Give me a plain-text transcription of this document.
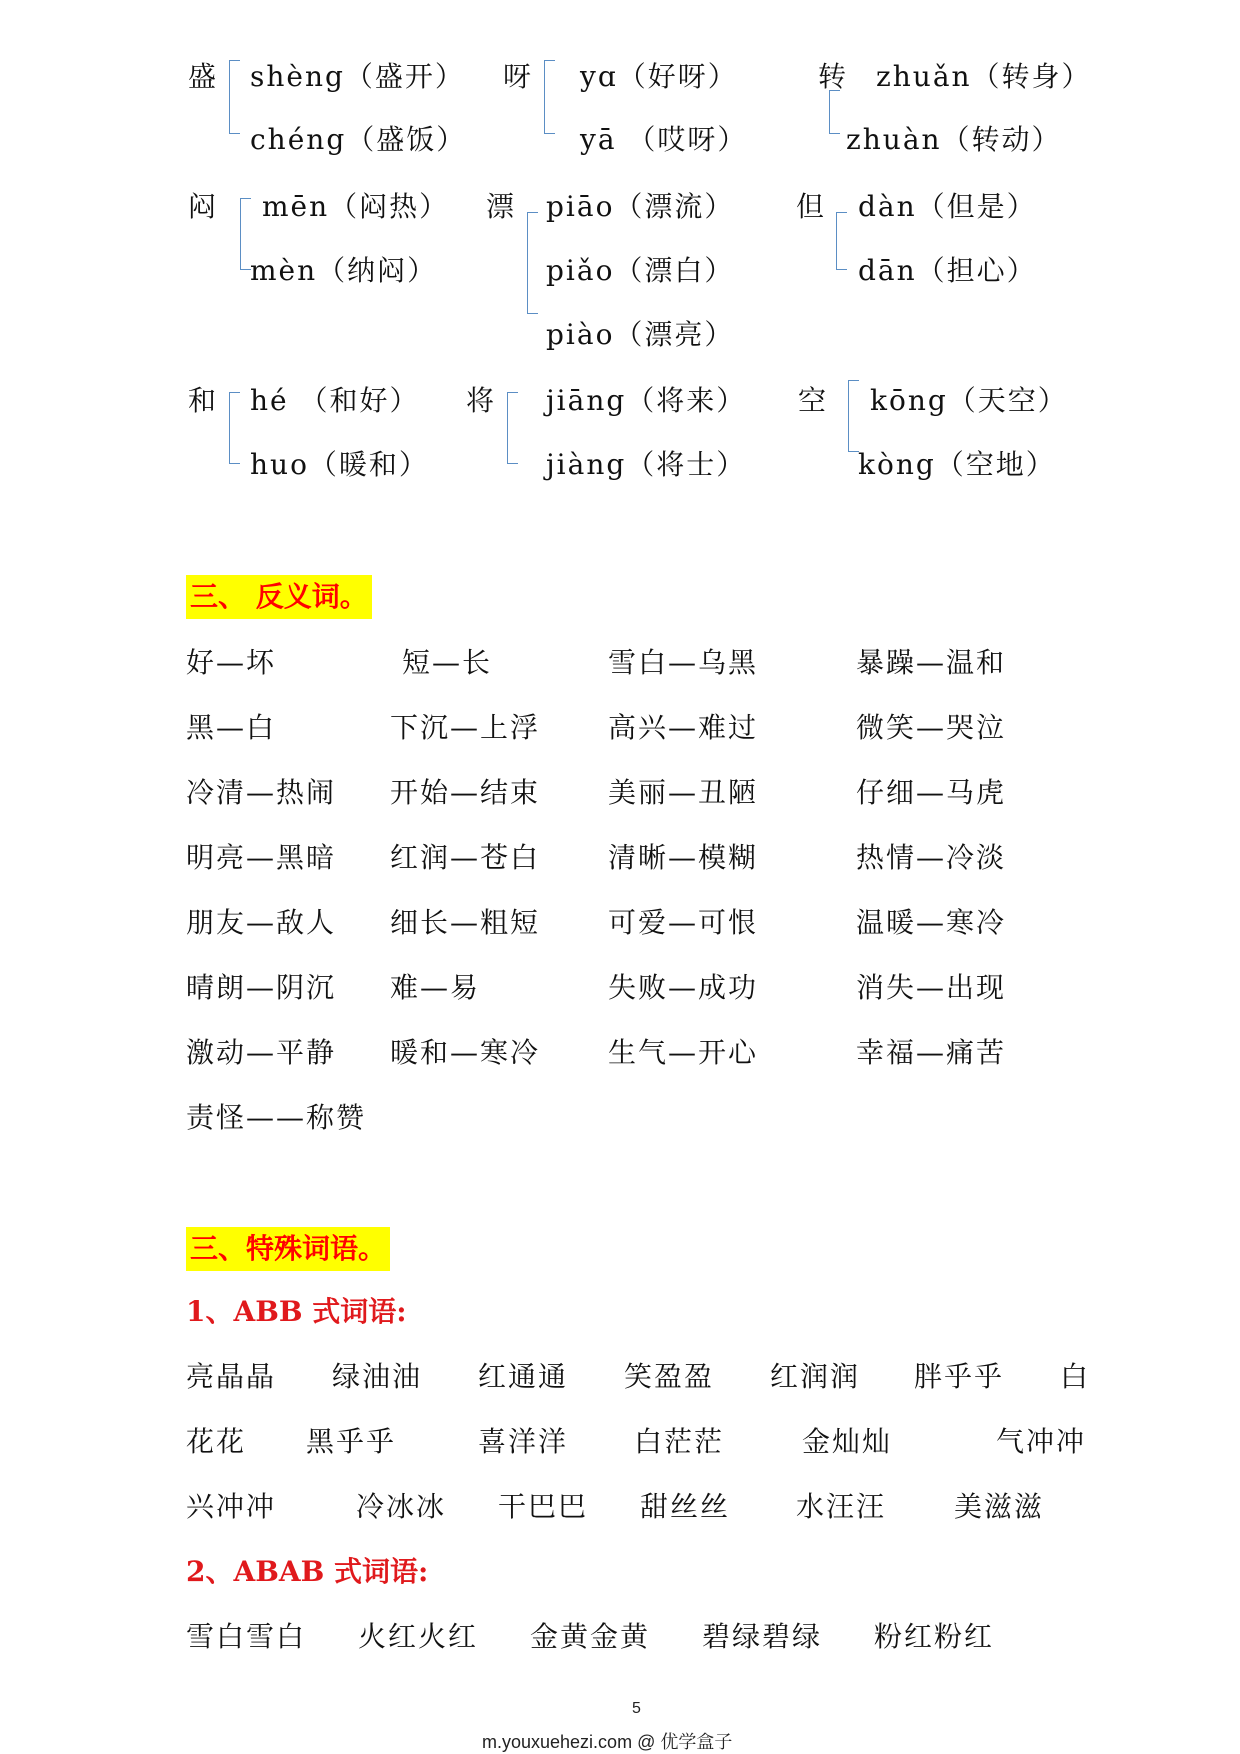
盛 shèng（盛开）
chéng（盛饭）
呀 yɑ（好呀）
yā （哎呀）
转 zhuǎn（转身）
zhuàn（转动）
闷 mēn（闷热）
mèn（纳闷）
漂 piāo（漂流）
piǎo（漂白）
piào（漂亮）
但 dàn（但是）
dān（担心）
和 hé （和好）
huo（暖和）
将 jiāng（将来）
jiàng（将士）
空 kōng（天空）
kòng（空地）
三、 反义词。
好—坏	短—长	雪白—乌黑	暴躁—温和
黑—白	下沉—上浮 高兴—难过	微笑—哭泣
冷清—热闹 开始—结束 美丽—丑陋	仔细—马虎
明亮—黑暗 红润—苍白 清晰—模糊	热情—冷淡
朋友—敌人 细长—粗短 可爱—可恨	温暖—寒冷
晴朗—阴沉 难—易	失败—成功	消失—出现
激动—平静 暖和—寒冷 生气—开心	幸福—痛苦
责怪——称赞
三、特殊词语。
1、ABB 式词语:
亮晶晶 绿油油 红通通 笑盈盈 红润润 胖乎乎 白
花花 黑乎乎	喜洋洋 白茫茫	金灿灿	气冲冲
兴冲冲	冷冰冰 干巴巴 甜丝丝 水汪汪 美滋滋
2、ABAB 式词语:
雪白雪白 火红火红 金黄金黄 碧绿碧绿 粉红粉红
5
m.youxuehezi.com @ 优学盒子
